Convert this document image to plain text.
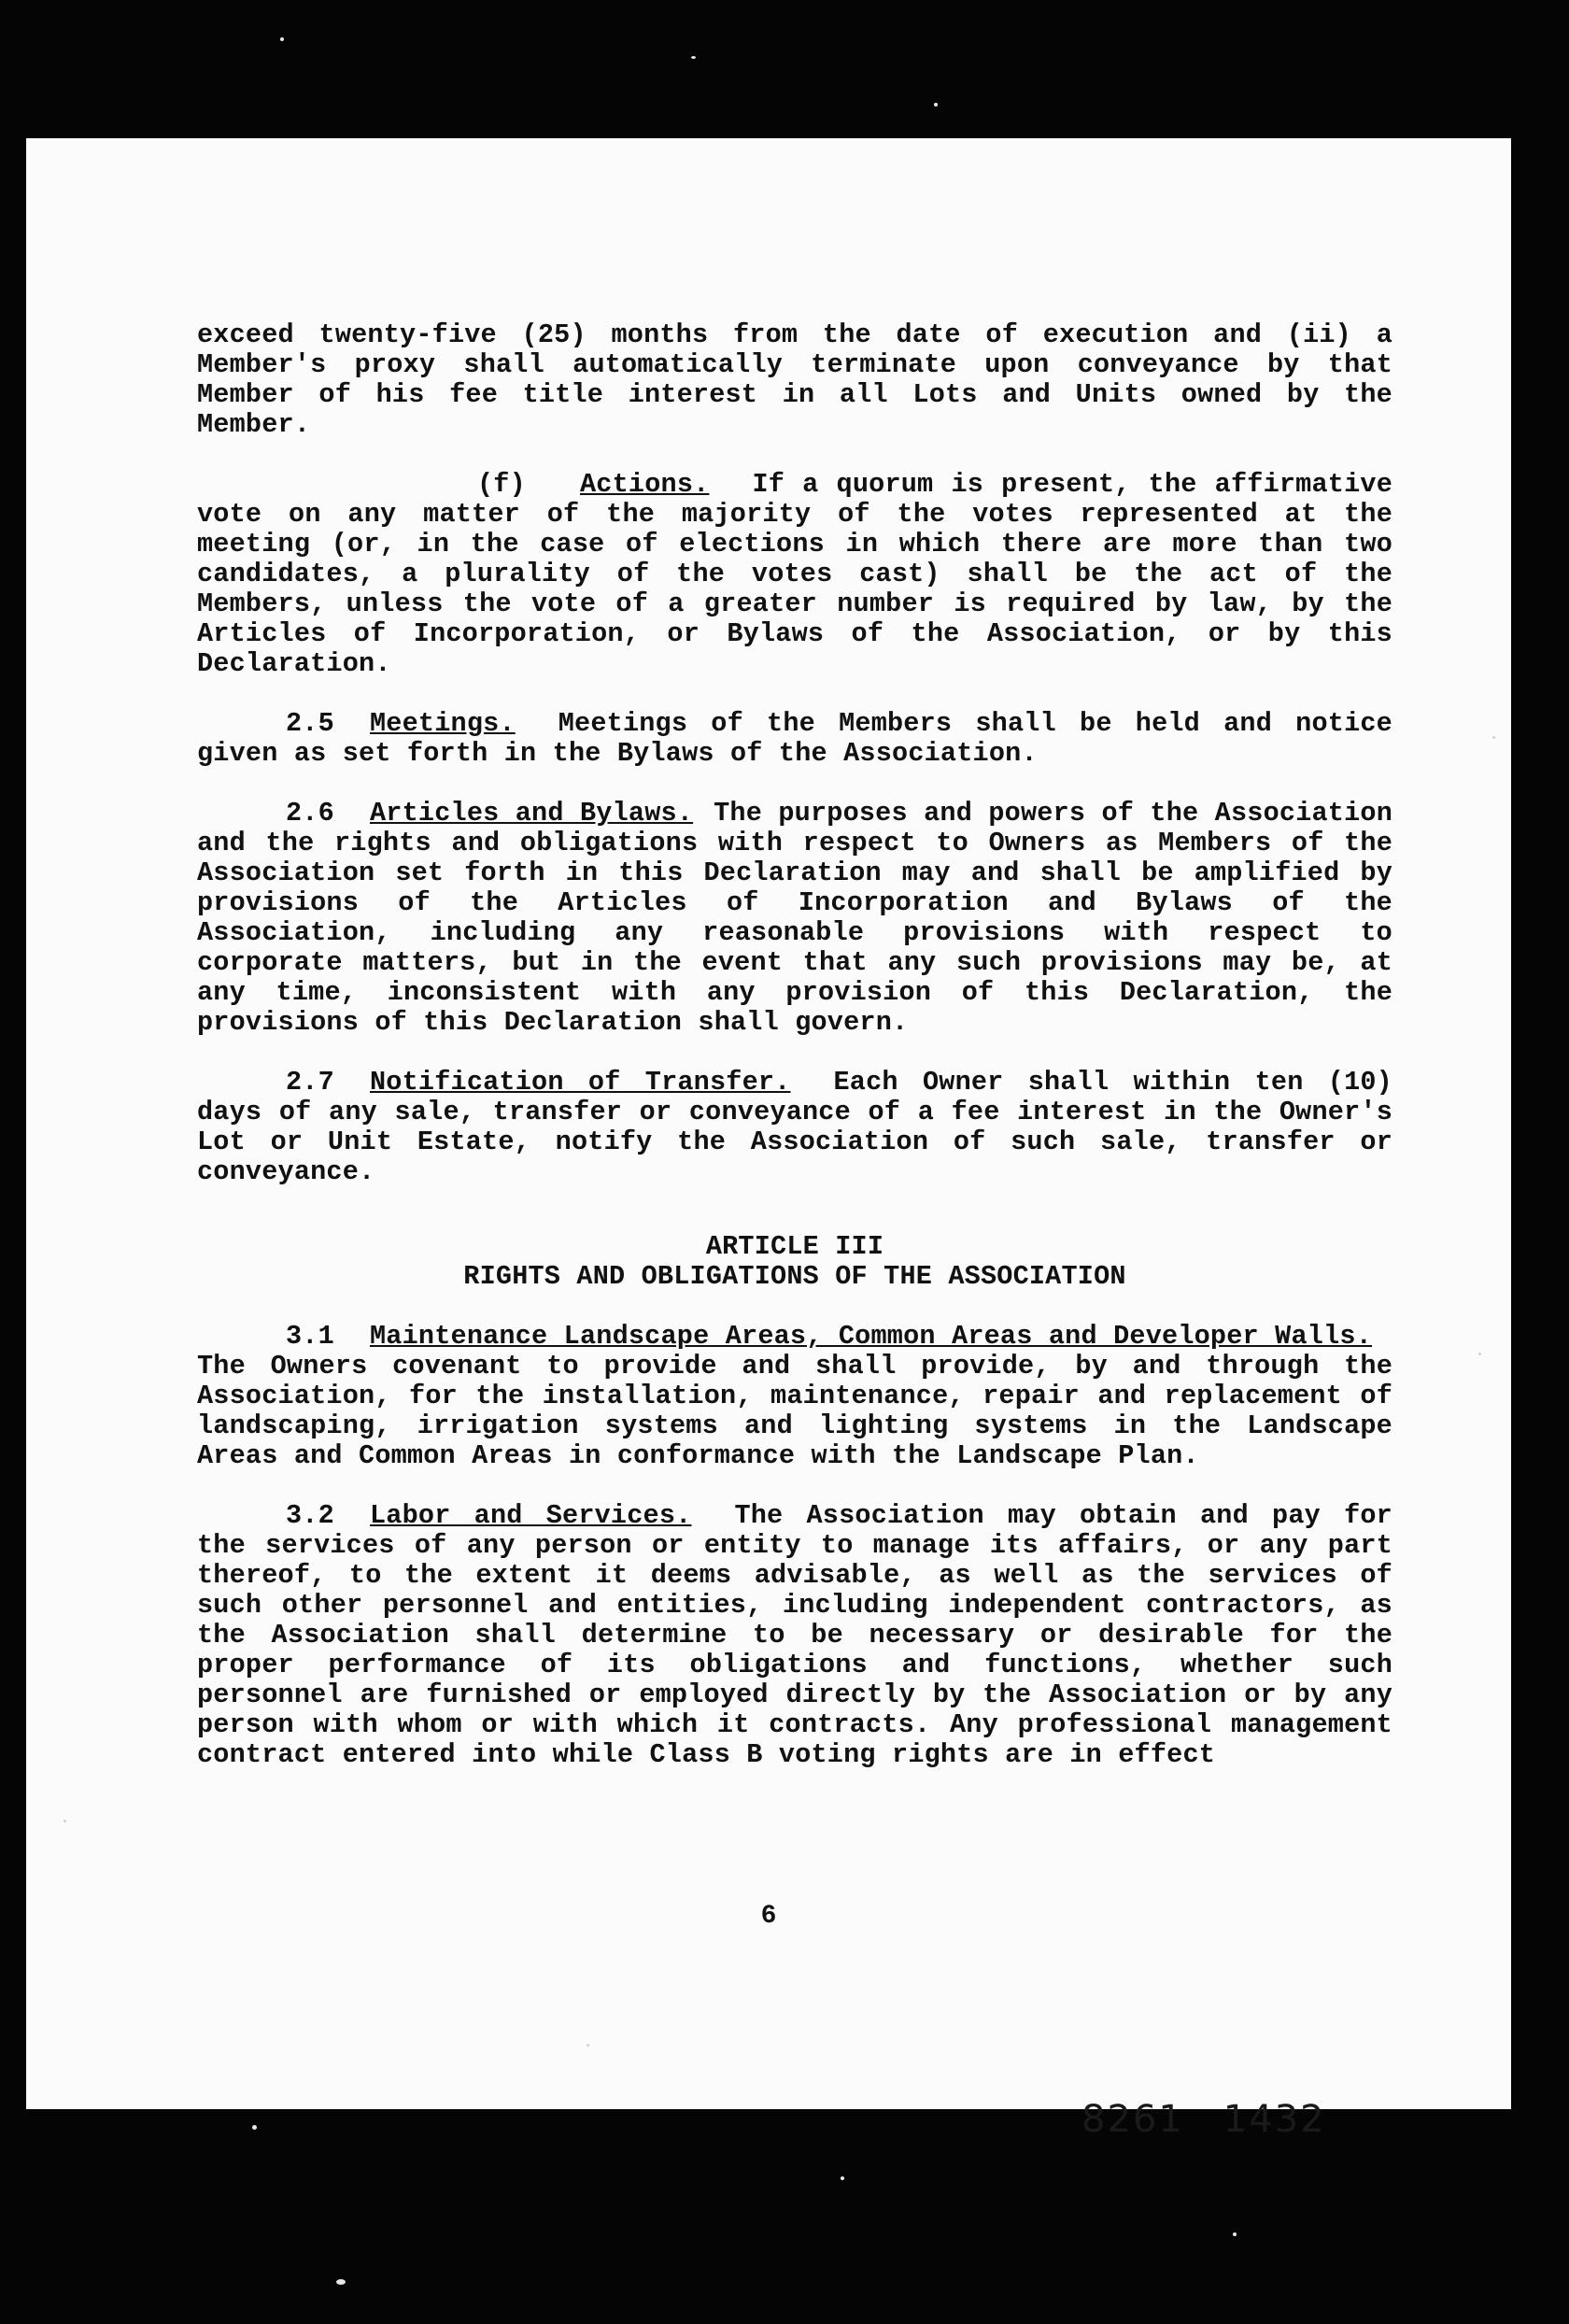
exceed twenty-five (25) months from the date of execution and (ii) a Member's proxy shall automatically terminate upon conveyance by that Member of his fee title interest in all Lots and Units owned by the Member.

(f) Actions. If a quorum is present, the affirmative vote on any matter of the majority of the votes represented at the meeting (or, in the case of elections in which there are more than two candidates, a plurality of the votes cast) shall be the act of the Members, unless the vote of a greater number is required by law, by the Articles of Incorporation, or Bylaws of the Association, or by this Declaration.

2.5 Meetings. Meetings of the Members shall be held and notice given as set forth in the Bylaws of the Association.

2.6 Articles and Bylaws. The purposes and powers of the Association and the rights and obligations with respect to Owners as Members of the Association set forth in this Declaration may and shall be amplified by provisions of the Articles of Incorporation and Bylaws of the Association, including any reasonable provisions with respect to corporate matters, but in the event that any such provisions may be, at any time, inconsistent with any provision of this Declaration, the provisions of this Declaration shall govern.

2.7 Notification of Transfer. Each Owner shall within ten (10) days of any sale, transfer or conveyance of a fee interest in the Owner's Lot or Unit Estate, notify the Association of such sale, transfer or conveyance.

ARTICLE III
RIGHTS AND OBLIGATIONS OF THE ASSOCIATION

3.1 Maintenance Landscape Areas, Common Areas and Developer Walls.The Owners covenant to provide and shall provide, by and through the Association, for the installation, maintenance, repair and replacement of landscaping, irrigation systems and lighting systems in the Landscape Areas and Common Areas in conformance with the Landscape Plan.

3.2 Labor and Services. The Association may obtain and pay for the services of any person or entity to manage its affairs, or any part thereof, to the extent it deems advisable, as well as the services of such other personnel and entities, including independent contractors, as the Association shall determine to be necessary or desirable for the proper performance of its obligations and functions, whether such personnel are furnished or employed directly by the Association or by any person with whom or with which it contracts. Any professional management contract entered into while Class B voting rights are in effect

6
8261 1432
